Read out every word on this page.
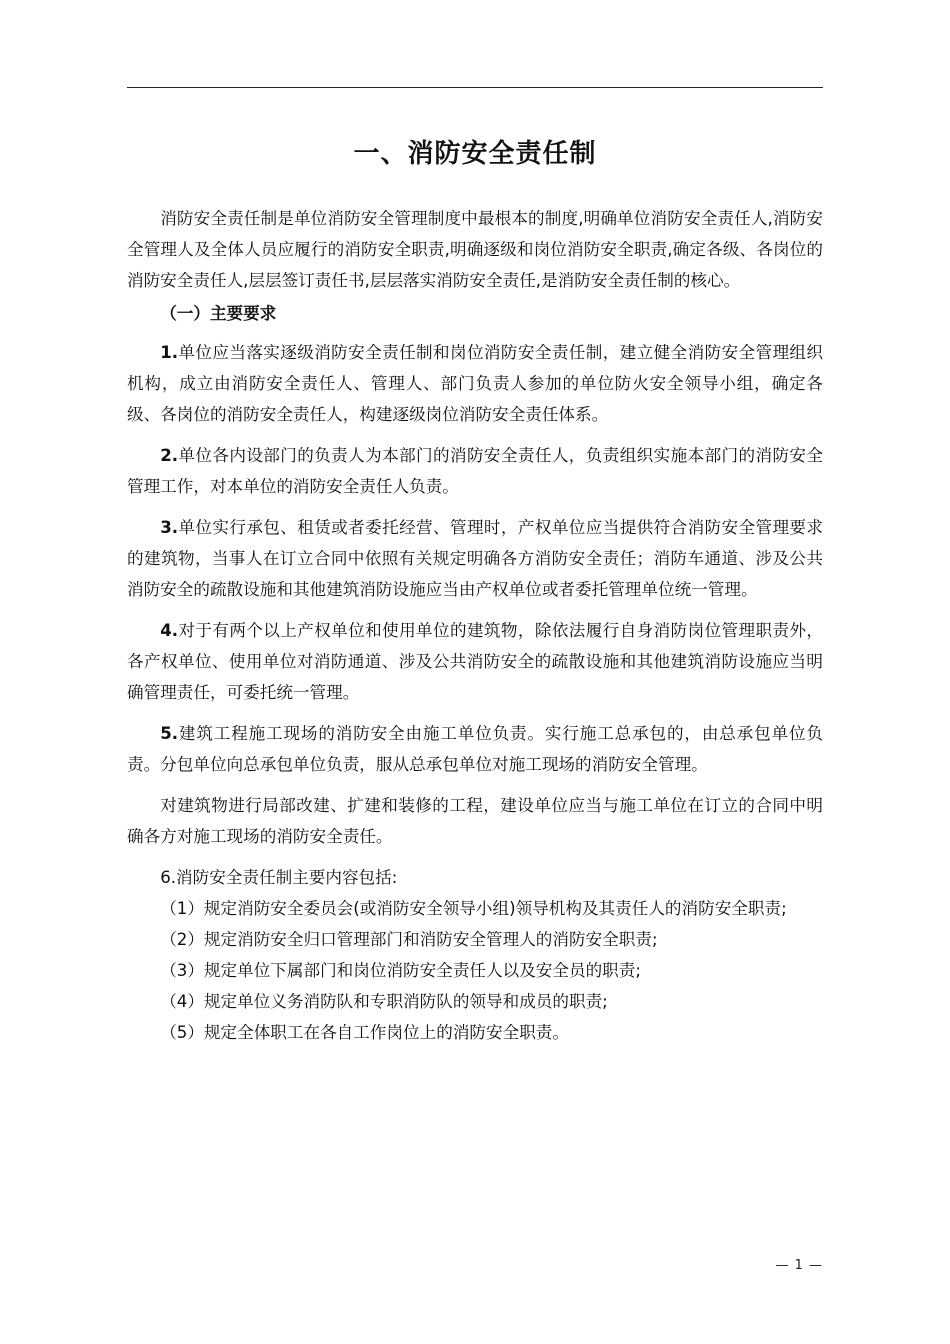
一、消防安全责任制

消防安全责任制是单位消防安全管理制度中最根本的制度,明确单位消防安全责任人,消防安全管理人及全体人员应履行的消防安全职责,明确逐级和岗位消防安全职责,确定各级、各岗位的消防安全责任人,层层签订责任书,层层落实消防安全责任,是消防安全责任制的核心。

（一）主要要求

1.单位应当落实逐级消防安全责任制和岗位消防安全责任制，建立健全消防安全管理组织机构，成立由消防安全责任人、管理人、部门负责人参加的单位防火安全领导小组，确定各级、各岗位的消防安全责任人，构建逐级岗位消防安全责任体系。

2.单位各内设部门的负责人为本部门的消防安全责任人，负责组织实施本部门的消防安全管理工作，对本单位的消防安全责任人负责。

3.单位实行承包、租赁或者委托经营、管理时，产权单位应当提供符合消防安全管理要求的建筑物，当事人在订立合同中依照有关规定明确各方消防安全责任；消防车通道、涉及公共消防安全的疏散设施和其他建筑消防设施应当由产权单位或者委托管理单位统一管理。

4.对于有两个以上产权单位和使用单位的建筑物，除依法履行自身消防岗位管理职责外，各产权单位、使用单位对消防通道、涉及公共消防安全的疏散设施和其他建筑消防设施应当明确管理责任，可委托统一管理。

5.建筑工程施工现场的消防安全由施工单位负责。实行施工总承包的，由总承包单位负责。分包单位向总承包单位负责，服从总承包单位对施工现场的消防安全管理。

对建筑物进行局部改建、扩建和装修的工程，建设单位应当与施工单位在订立的合同中明确各方对施工现场的消防安全责任。

6.消防安全责任制主要内容包括:

（1）规定消防安全委员会(或消防安全领导小组)领导机构及其责任人的消防安全职责;

（2）规定消防安全归口管理部门和消防安全管理人的消防安全职责;

（3）规定单位下属部门和岗位消防安全责任人以及安全员的职责;

（4）规定单位义务消防队和专职消防队的领导和成员的职责;

（5）规定全体职工在各自工作岗位上的消防安全职责。

— 1 —
